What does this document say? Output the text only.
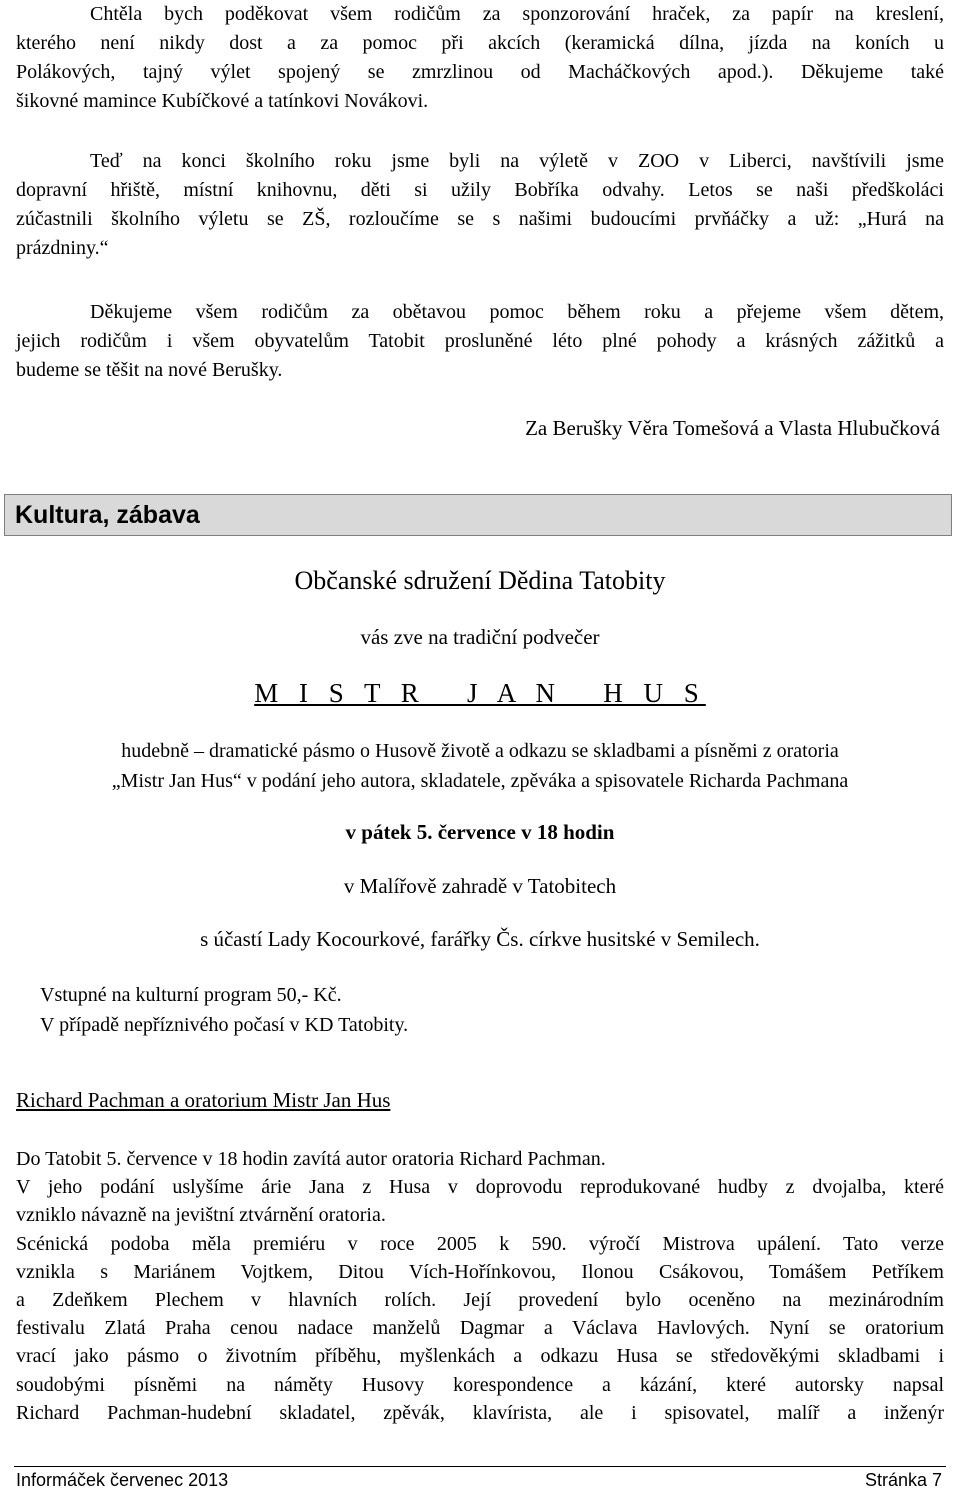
Chtěla bych poděkovat všem rodičům za sponzorování hraček, za papír na kreslení,
kterého není nikdy dost a za pomoc při akcích (keramická dílna, jízda na koních u
Polákových, tajný výlet spojený se zmrzlinou od Macháčkových apod.). Děkujeme také
šikovné mamince Kubíčkové a tatínkovi Novákovi.

Teď na konci školního roku jsme byli na výletě v ZOO v Liberci, navštívili jsme
dopravní hřiště, místní knihovnu, děti si užily Bobříka odvahy. Letos se naši předškoláci
zúčastnili školního výletu se ZŠ, rozloučíme se s našimi budoucími prvňáčky a už: „Hurá na
prázdniny.“

Děkujeme všem rodičům za obětavou pomoc během roku a přejeme všem dětem,
jejich rodičům i všem obyvatelům Tatobit prosluněné léto plné pohody a krásných zážitků a
budeme se těšit na nové Berušky.

Za Berušky Věra Tomešová a Vlasta Hlubučková
Kultura, zábava
Občanské sdružení Dědina Tatobity
vás zve na tradiční podvečer
M I S T R   J A N   H U S
hudebně – dramatické pásmo o Husově životě a odkazu se skladbami a písněmi z oratoria
„Mistr Jan Hus“ v podání jeho autora, skladatele, zpěváka a spisovatele Richarda Pachmana
v pátek 5. července v 18 hodin
v Malířově zahradě v Tatobitech
s účastí Lady Kocourkové, farářky Čs. církve husitské v Semilech.
Vstupné na kulturní program 50,- Kč.
V případě nepříznivého počasí v KD Tatobity.
Richard Pachman a oratorium Mistr Jan Hus

Do Tatobit 5. července v 18 hodin zavítá autor oratoria Richard Pachman.
V jeho podání uslyšíme árie Jana z Husa v doprovodu reprodukované hudby z dvojalba, které
vzniklo návazně na jevištní ztvárnění oratoria.
Scénická podoba měla premiéru v roce 2005 k 590. výročí Mistrova upálení. Tato verze
vznikla s Mariánem Vojtkem, Ditou Vích-Hořínkovou, Ilonou Csákovou, Tomášem Petříkem
a Zdeňkem Plechem v hlavních rolích. Její provedení bylo oceněno na mezinárodním
festivalu Zlatá Praha cenou nadace manželů Dagmar a Václava Havlových. Nyní se oratorium
vrací jako pásmo o životním příběhu, myšlenkách a odkazu Husa se středověkými skladbami i
soudobými písněmi na náměty Husovy korespondence a kázání, které autorsky napsal
Richard Pachman-hudební skladatel, zpěvák, klavírista, ale i spisovatel, malíř a inženýr

Informáček červenec 2013	Stránka 7
